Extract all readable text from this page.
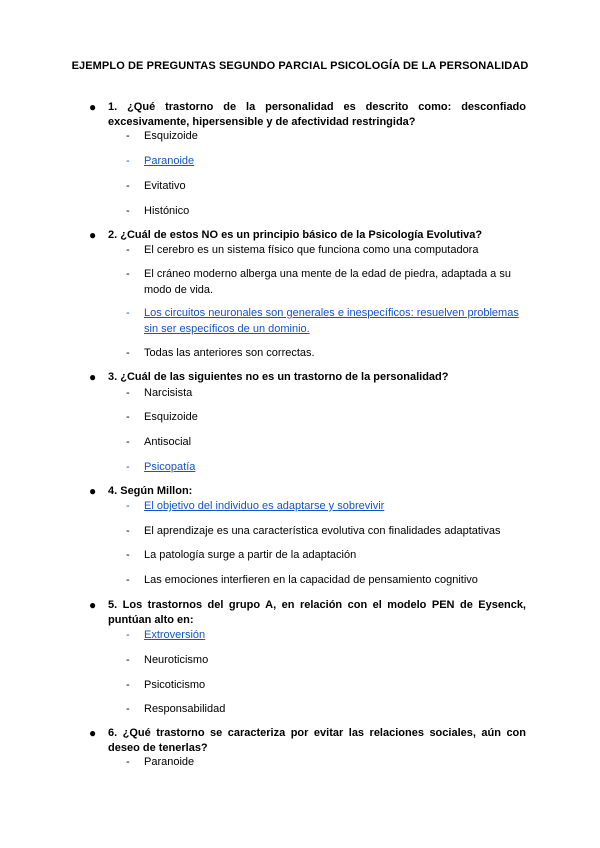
EJEMPLO DE PREGUNTAS SEGUNDO PARCIAL PSICOLOGÍA DE LA PERSONALIDAD
● 1. ¿Qué trastorno de la personalidad es descrito como: desconfiado excesivamente, hipersensible y de afectividad restringida?
- Esquizoide
- Paranoide
- Evitativo
- Histónico
● 2. ¿Cuál de estos NO es un principio básico de la Psicología Evolutiva?
- El cerebro es un sistema físico que funciona como una computadora
- El cráneo moderno alberga una mente de la edad de piedra, adaptada a su modo de vida.
- Los circuitos neuronales son generales e inespecíficos: resuelven problemas sin ser específicos de un dominio.
- Todas las anteriores son correctas.
● 3. ¿Cuál de las siguientes no es un trastorno de la personalidad?
- Narcisista
- Esquizoide
- Antisocial
- Psicopatía
● 4. Según Millon:
- El objetivo del individuo es adaptarse y sobrevivir
- El aprendizaje es una característica evolutiva con finalidades adaptativas
- La patología surge a partir de la adaptación
- Las emociones interfieren en la capacidad de pensamiento cognitivo
● 5. Los trastornos del grupo A, en relación con el modelo PEN de Eysenck, puntúan alto en:
- Extroversión
- Neuroticismo
- Psicoticismo
- Responsabilidad
● 6. ¿Qué trastorno se caracteriza por evitar las relaciones sociales, aún con deseo de tenerlas?
- Paranoide
